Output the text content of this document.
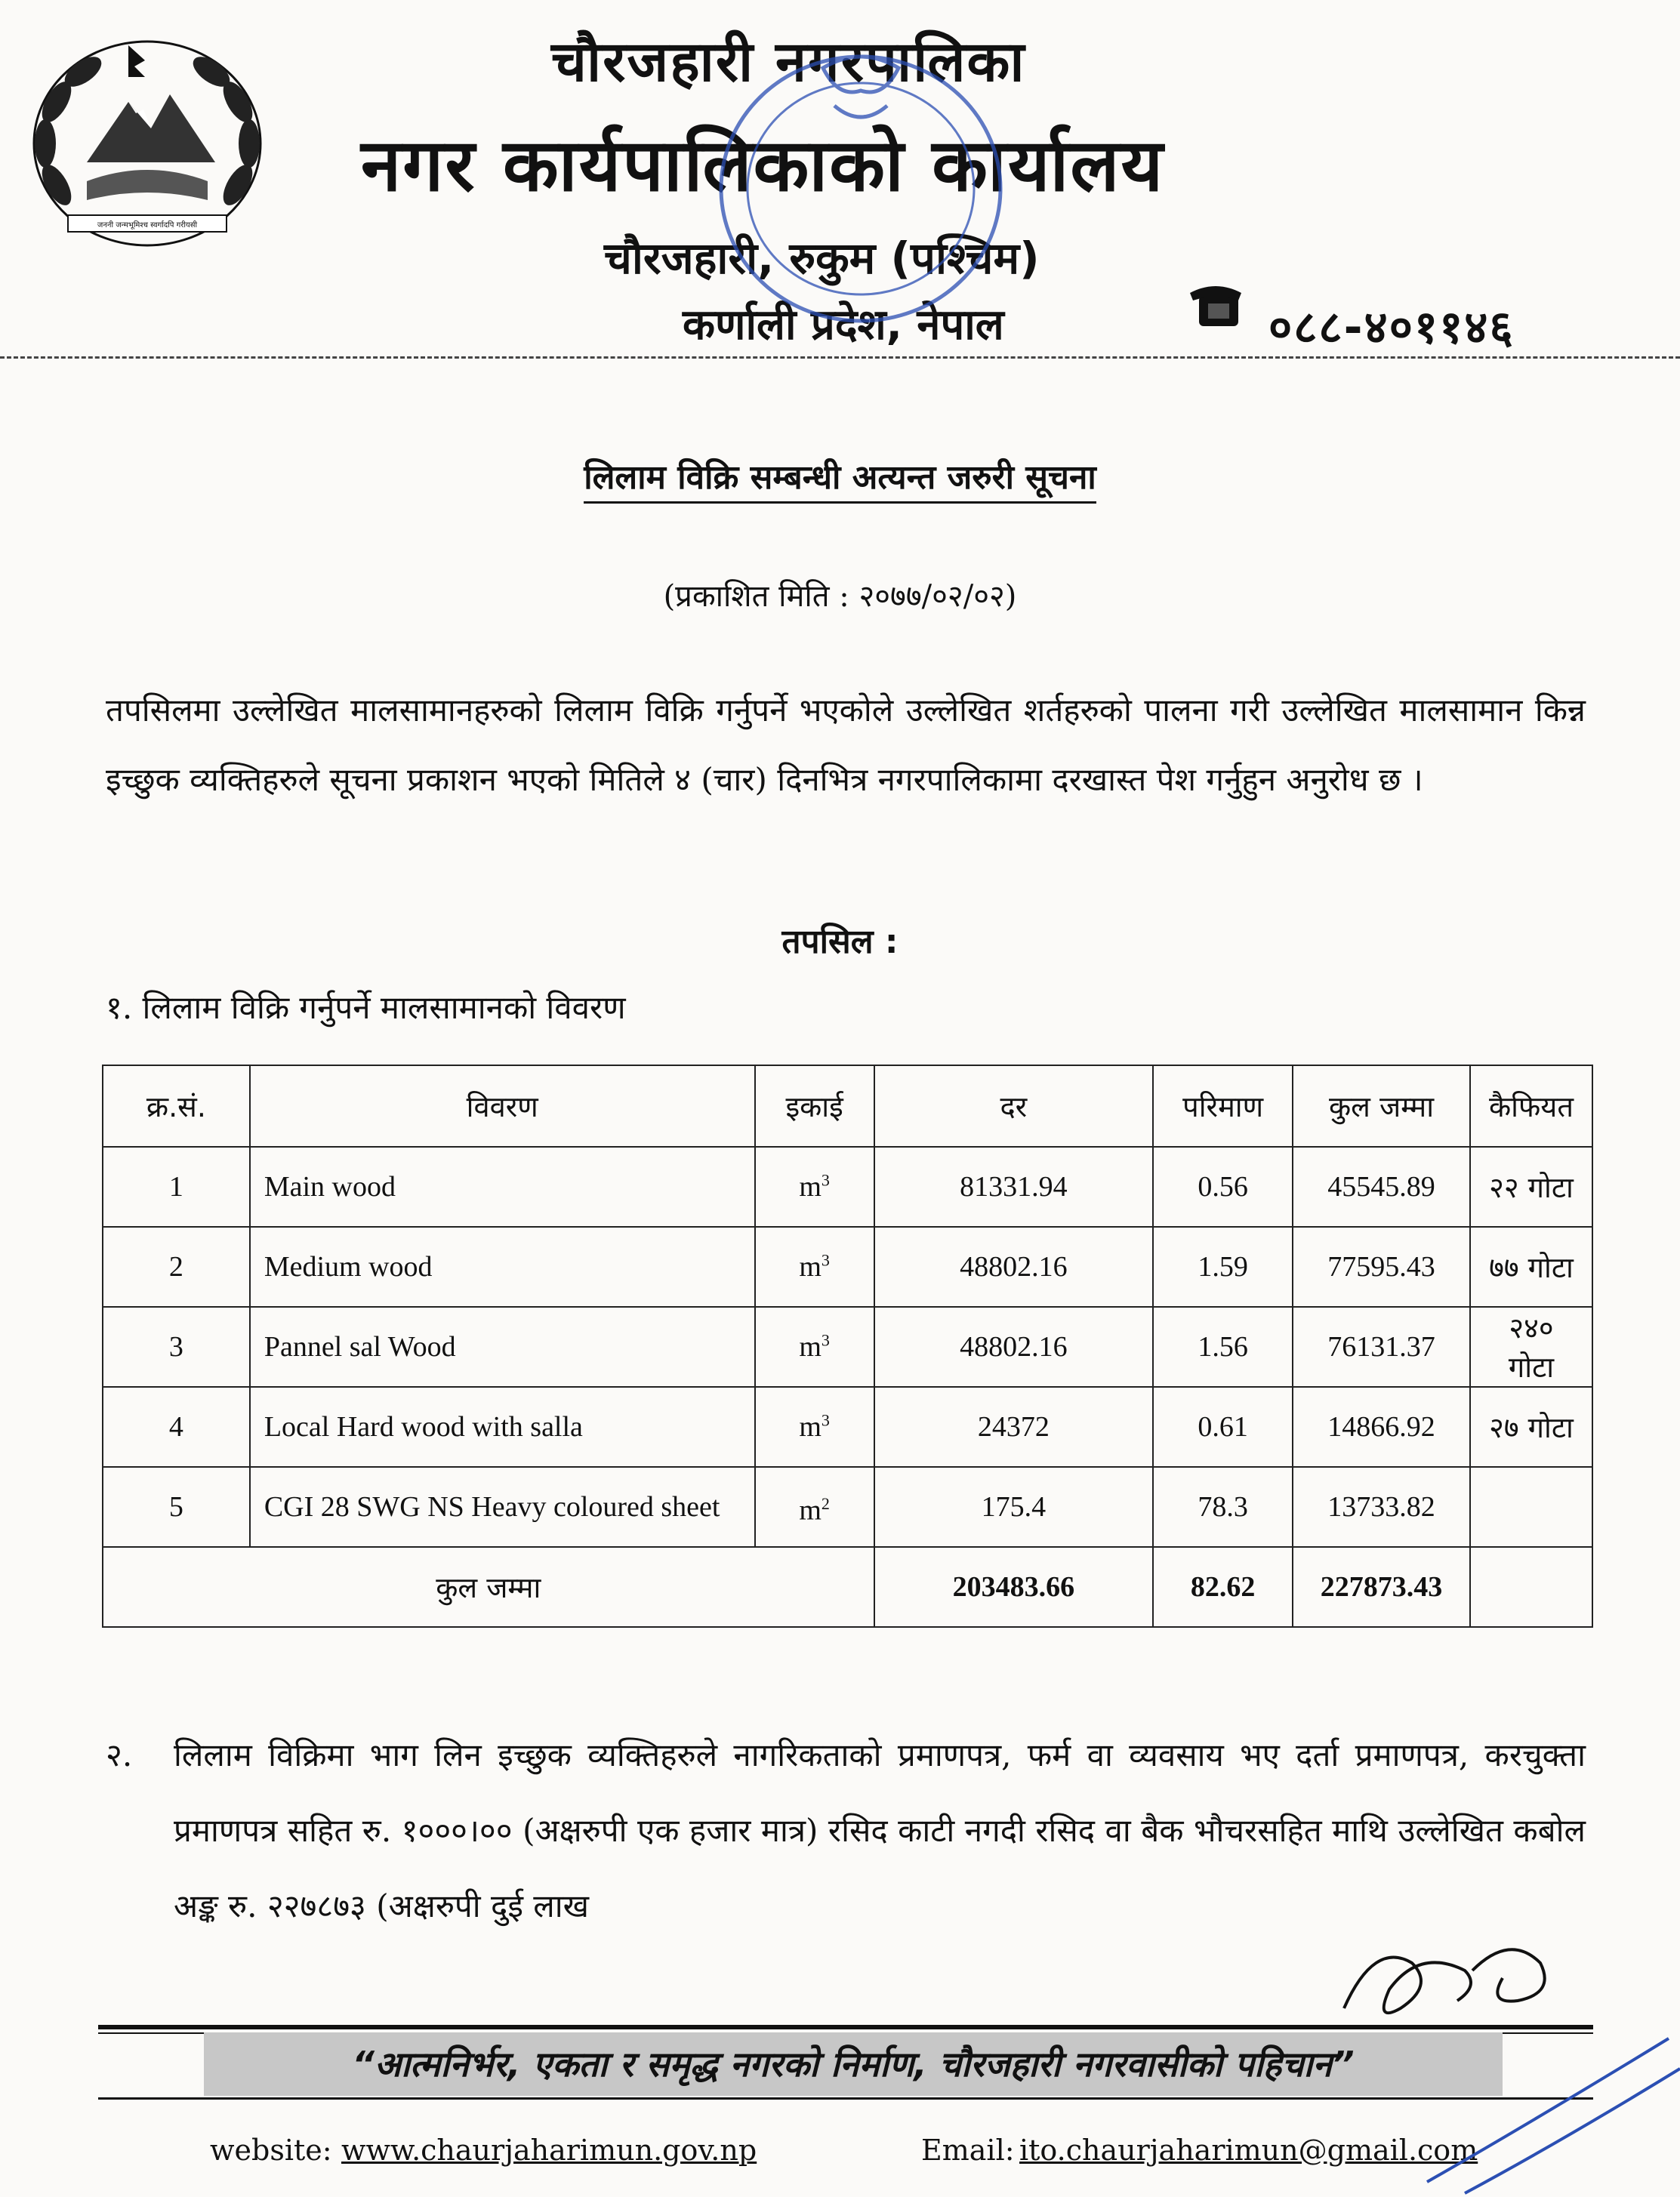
जननी जन्मभूमिश्च स्वर्गादपि गरीयसी
चौरजहारी नगरपालिका
नगर कार्यपालिकाको कार्यालय
चौरजहारी, रुकुम (पश्चिम)
कर्णाली प्रदेश, नेपाल	०८८-४०११४६
लिलाम विक्रि सम्बन्धी अत्यन्त जरुरी सूचना
(प्रकाशित मिति : २०७७/०२/०२)
तपसिलमा उल्लेखित मालसामानहरुको लिलाम विक्रि गर्नुपर्ने भएकोले उल्लेखित शर्तहरुको पालना गरी उल्लेखित मालसामान किन्न इच्छुक व्यक्तिहरुले सूचना प्रकाशन भएको मितिले ४ (चार) दिनभित्र नगरपालिकामा दरखास्त पेश गर्नुहुन अनुरोध छ ।
तपसिल :
१. लिलाम विक्रि गर्नुपर्ने मालसामानको विवरण
क्र.सं.	विवरण	इकाई	दर	परिमाण	कुल जम्मा	कैफियत
1	Main wood	$m^3$	81331.94	0.56	45545.89	२२ गोटा
2	Medium wood	$m^3$	48802.16	1.59	77595.43	७७ गोटा
3	Pannel sal Wood	$m^3$	48802.16	1.56	76131.37	२४० गोटा
4	Local Hard wood with salla	$m^3$	24372	0.61	14866.92	२७ गोटा
5	CGI 28 SWG NS Heavy coloured sheet	$m^2$	175.4	78.3	13733.82	
कुल जम्मा			203483.66	82.62	227873.43	
२. लिलाम विक्रिमा भाग लिन इच्छुक व्यक्तिहरुले नागरिकताको प्रमाणपत्र, फर्म वा व्यवसाय भए दर्ता प्रमाणपत्र, करचुक्ता प्रमाणपत्र सहित रु. १०००।०० (अक्षरुपी एक हजार मात्र) रसिद काटी नगदी रसिद वा बैक भौचरसहित माथि उल्लेखित कबोल अङ्क रु. २२७८७३ (अक्षरुपी दुई लाख
“आत्मनिर्भर, एकता र समृद्ध नगरको निर्माण, चौरजहारी नगरवासीको पहिचान”
website: www.chaurjaharimun.gov.np	Email: ito.chaurjaharimun@gmail.com
